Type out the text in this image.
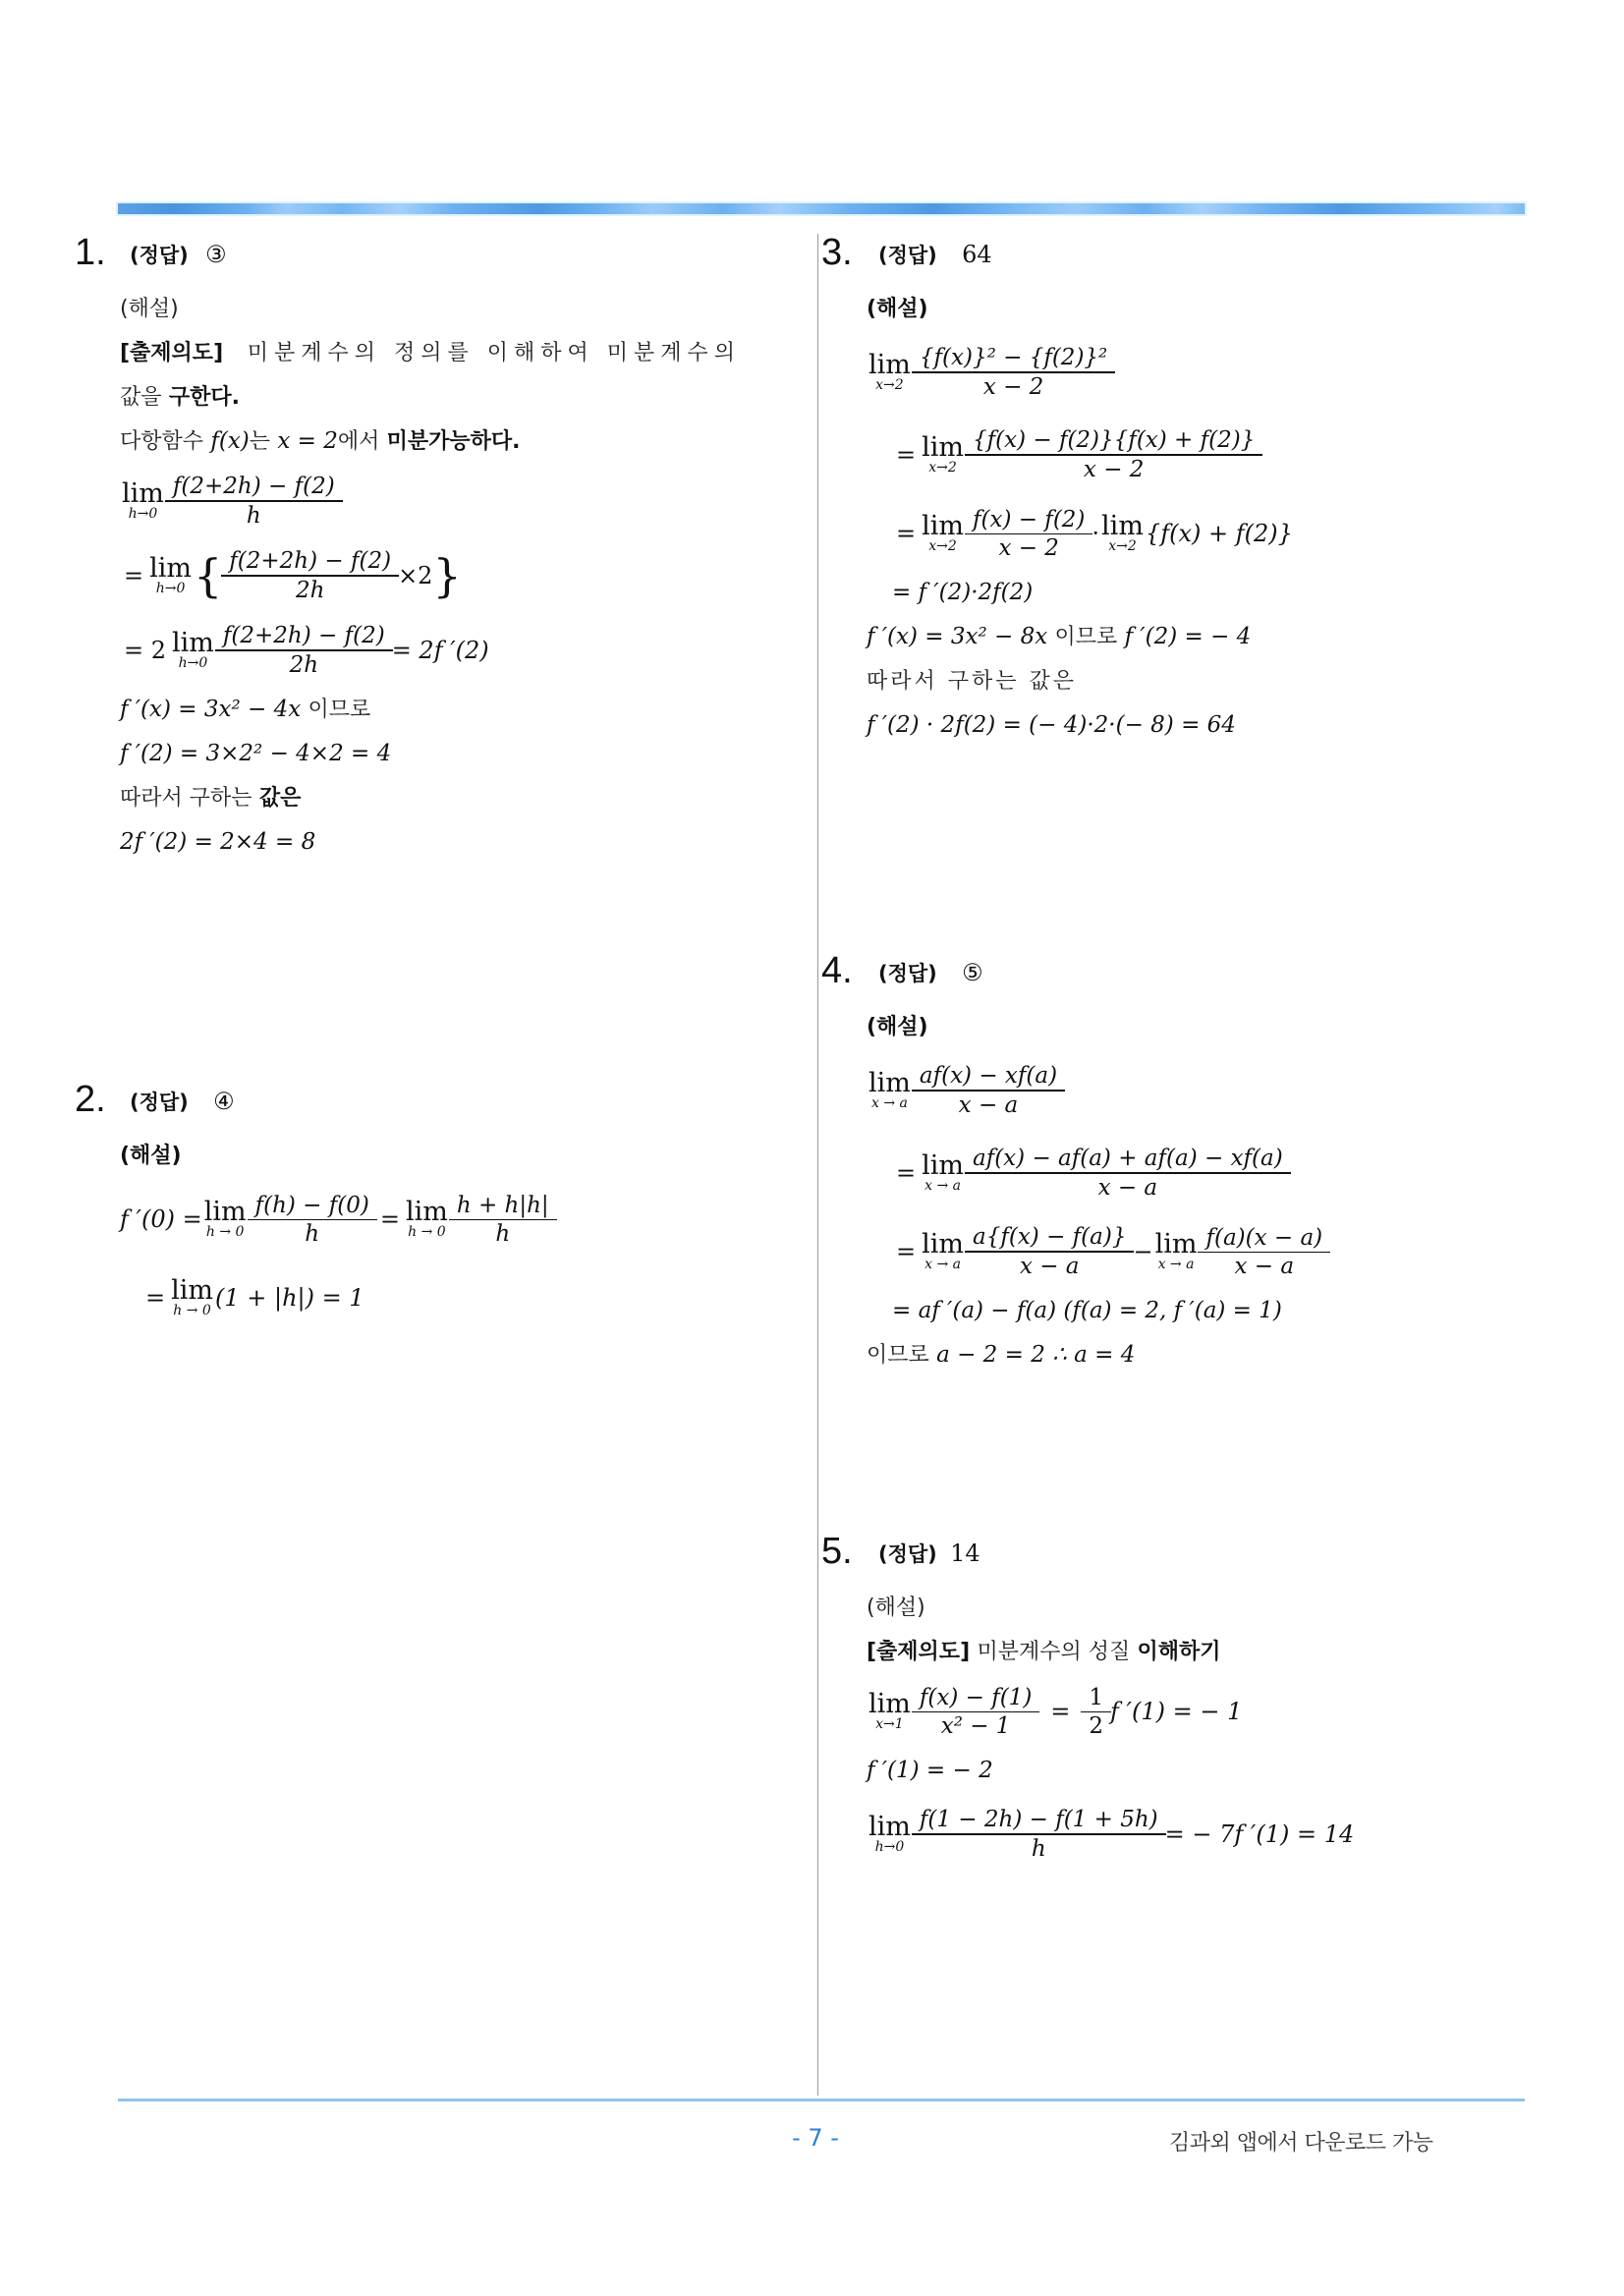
1. (정답) ③
(해설)
[출제의도] 미분계수의 정의를 이해하여 미분계수의
값을 구한다.
다항함수 f(x)는 x = 2에서 미분가능하다.
lim
$h\to 0 \frac{f(2+2h) - f(2)}{h}$
= lim
h→0 { $\frac{f(2+2h) - f(2)}{2h} \times 2$ }
= 2 lim
$h\to 0 \frac{f(2+2h) - f(2)}{2h} = 2f$ ′(2)
f ′(x) = 3x² − 4x 이므로
f ′(2) = 3×2² − 4×2 = 4
따라서 구하는 값은
2f ′(2) = 2×4 = 8
2. (정답) ④
(해설)
f ′(0) = lim
$h \to 0 \frac{f(h) - f(0)}{h} = \lim$
$h \to 0 \frac{h + h|h|}{h}$
= lim
h → 0 (1 + |h|) = 1
3. (정답) 64
(해설)
lim
$x\to 2 \frac{\text{\{f(x)\}² − \{f(2)\}²}}{x - 2}$
= lim
$x\to 2 \frac{\{f(x) - f(2)\}\{f(x) + f(2)\}}{x - 2}$
= lim
$x\to 2 \frac{f(x) - f(2)}{x - 2} \cdot \lim$
x→2 {f(x) + f(2)}
= f ′(2)·2f(2)
f ′(x) = 3x² − 8x 이므로 f ′(2) = − 4
따라서 구하는 값은
f ′(2) · 2f(2) = (− 4)·2·(− 8) = 64
4. (정답) ⑤
(해설)
lim
x → a $\frac{af(x) - xf(a)}{x - a}$
= lim
x → a $\frac{af(x) - af(a) + af(a) - xf(a)}{x - a}$
= lim
x → a $\frac{a\{f(x) - f(a)\}}{x - a} - \lim$
x → a $\frac{f(a)(x - a)}{x - a}$
= af ′(a) − f(a) (f(a) = 2, f ′(a) = 1)
이므로 a − 2 = 2 ∴ a = 4
5. (정답) 14
(해설)
[출제의도] 미분계수의 성질 이해하기
lim
$x\to 1 \frac{f(x) - f(1)}{\text{x² − 1}} = \frac{1}{2}$ f ′(1) = − 1
f ′(1) = − 2
lim
$h\to 0 \frac{f(1 - 2h) - f(1 + 5h)}{h}$ = − 7f ′(1) = 14
- 7 -	김과외 앱에서 다운로드 가능
